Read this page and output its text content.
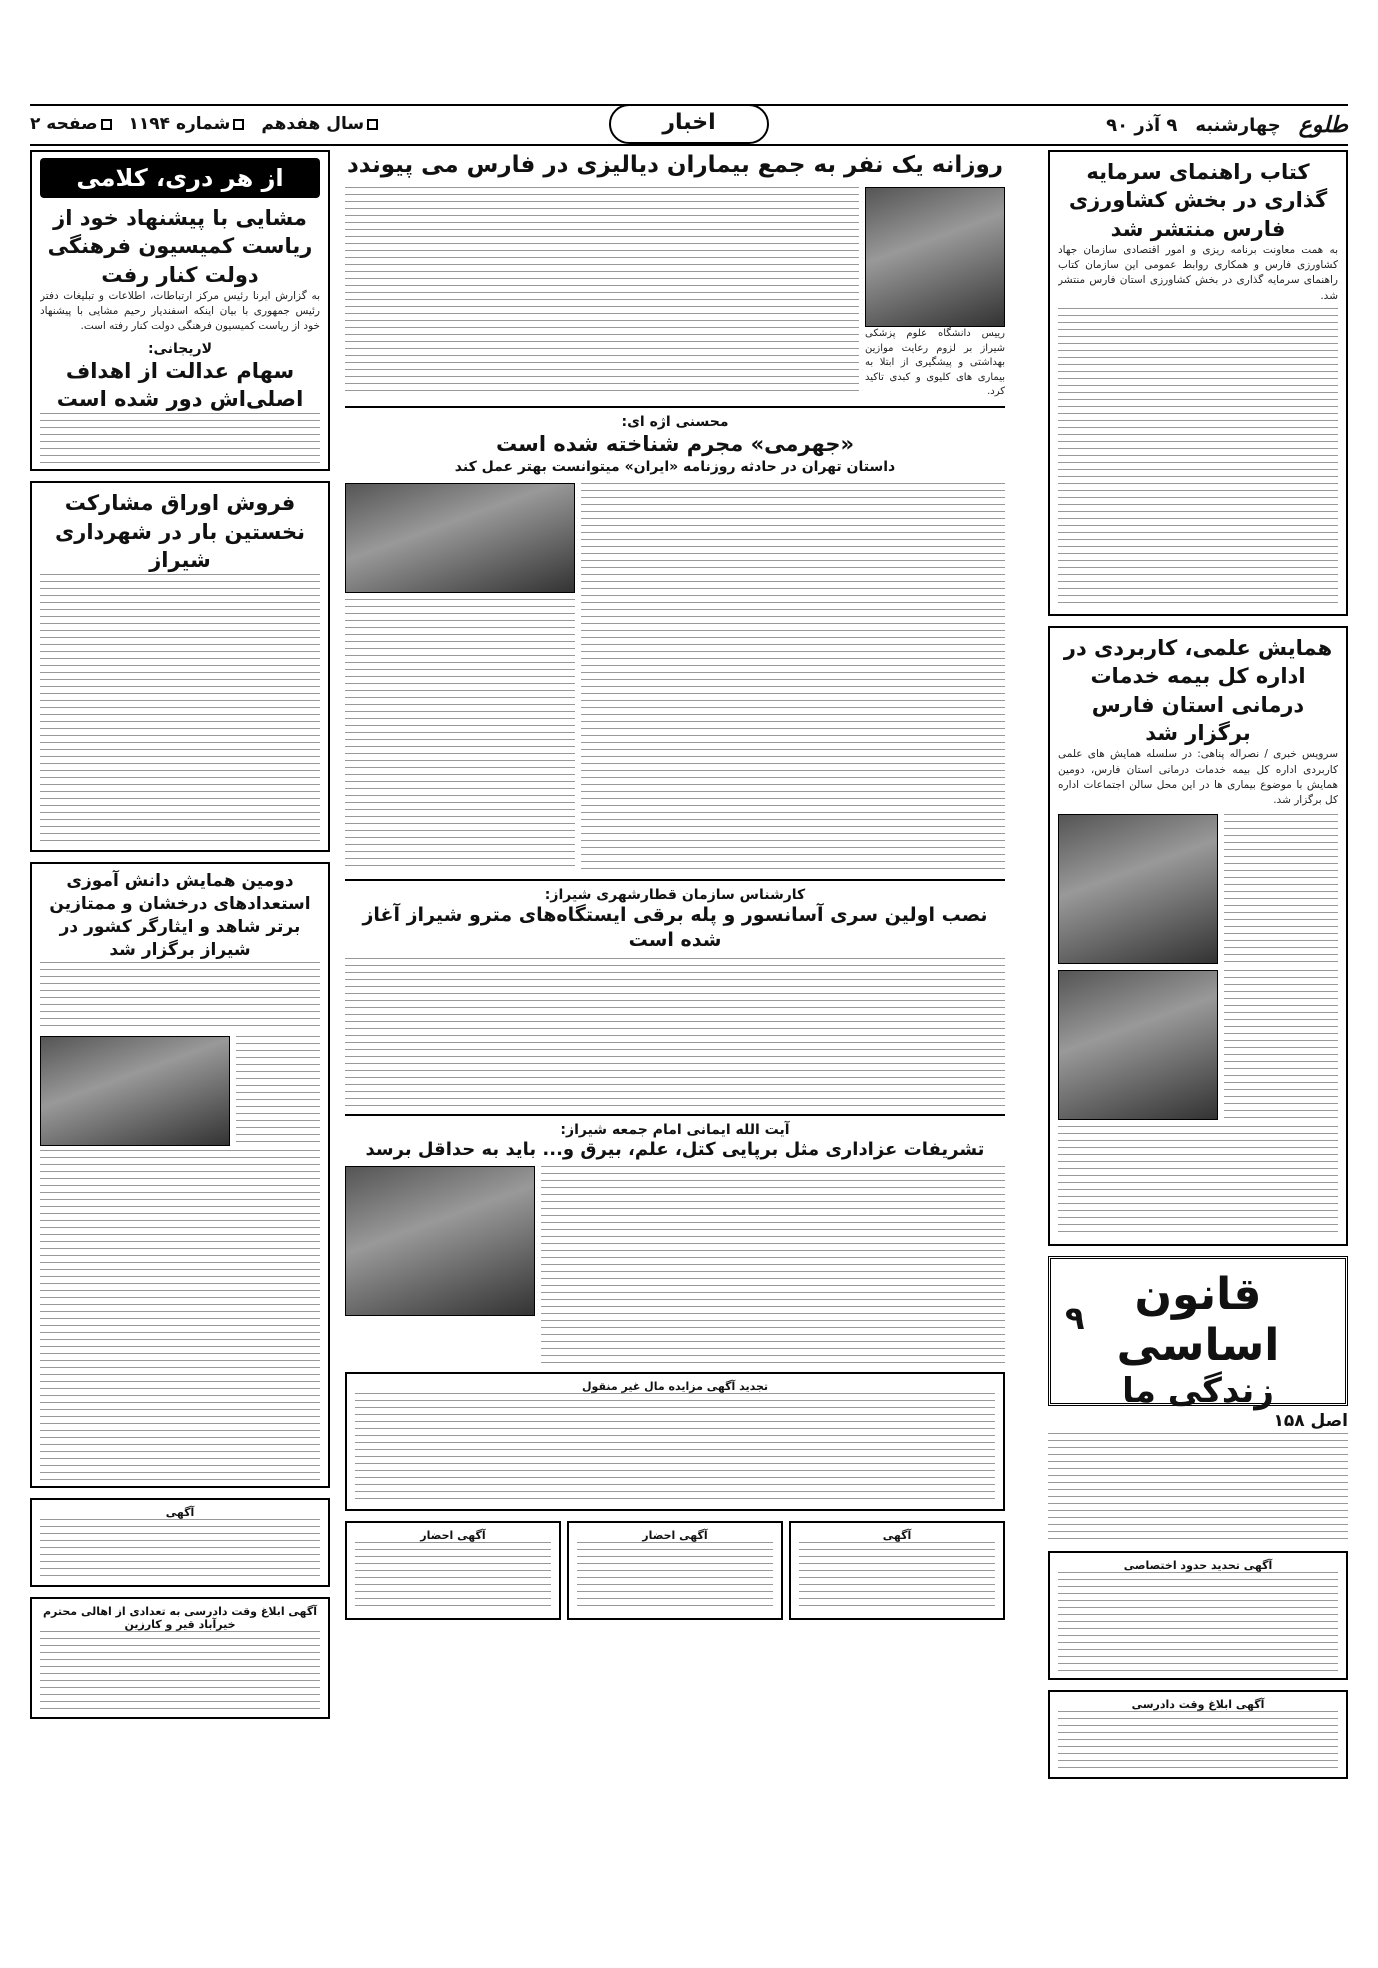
طلوع
چهارشنبه
۹ آذر ۹۰
اخبار
سال هفدهم
شماره ۱۱۹۴
صفحه ۲
کتاب راهنمای سرمایه گذاری در بخش کشاورزی فارس منتشر شد
به همت معاونت برنامه ریزی و امور اقتصادی سازمان جهاد کشاورزی فارس و همکاری روابط عمومی این سازمان کتاب راهنمای سرمایه گذاری در بخش کشاورزی استان فارس منتشر شد.
همایش علمی، کاربردی در اداره کل بیمه خدمات درمانی استان فارس برگزار شد
سرویس خبری / نصراله پناهی: در سلسله همایش های علمی کاربردی اداره کل بیمه خدمات درمانی استان فارس، دومین همایش با موضوع بیماری ها در این محل سالن اجتماعات اداره کل برگزار شد.
قانون اساسی
زندگی ما
۹
اصل ۱۵۸
آگهی تحدید حدود اختصاصی
آگهی ابلاغ وقت دادرسی
روزانه یک نفر به جمع بیماران دیالیزی در فارس می پیوندد
رییس دانشگاه علوم پزشکی شیراز بر لزوم رعایت موازین بهداشتی و پیشگیری از ابتلا به بیماری های کلیوی و کبدی تاکید کرد.
محسنی اژه ای:
«جهرمی» مجرم شناخته شده است
داستان تهران در حادثه روزنامه «ایران» میتوانست بهتر عمل کند
کارشناس سازمان قطارشهری شیراز:
نصب اولین سری آسانسور و پله برقی ایستگاه‌های مترو شیراز آغاز شده است
آیت الله ایمانی امام جمعه شیراز:
تشریفات عزاداری مثل برپایی کتل، علم، بیرق و... باید به حداقل برسد
تجدید آگهی مزایده مال غیر منقول
آگهی
آگهی احضار
آگهی احضار
از هر دری، کلامی
مشایی با پیشنهاد خود از ریاست کمیسیون فرهنگی دولت کنار رفت
به گزارش ایرنا رئیس مرکز ارتباطات، اطلاعات و تبلیغات دفتر رئیس جمهوری با بیان اینکه اسفندیار رحیم مشایی با پیشنهاد خود از ریاست کمیسیون فرهنگی دولت کنار رفته است.
لاریجانی:
سهام عدالت از اهداف اصلی‌اش دور شده است
فروش اوراق مشارکت نخستین بار در شهرداری شیراز
دومین همایش دانش آموزی استعدادهای درخشان و ممتازین برتر شاهد و ایثارگر کشور در شیراز برگزار شد
آگهی
آگهی ابلاغ وقت دادرسی به تعدادی از اهالی محترم خیرآباد قیر و کارزین
